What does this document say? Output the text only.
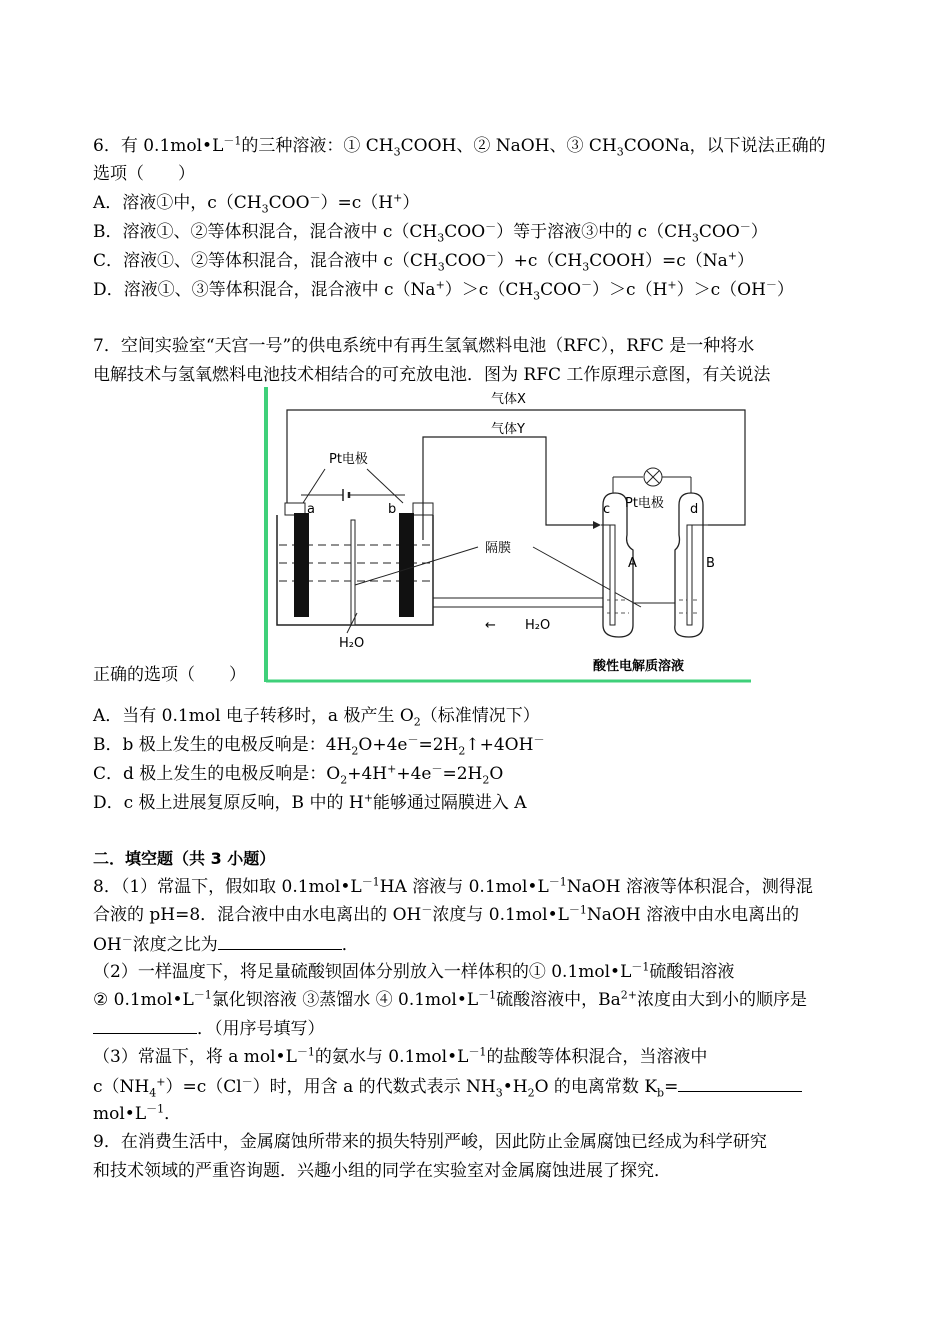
6．有 $0.1mol•L^{-1}$的三种溶液：① $CH_3COOH$、② NaOH、③ $CH_3COONa$，以下说法正确的
选项（　　）
A．溶液①中，$c(CH_3COO^-)=c(H^+)$
B．溶液①、②等体积混合，混合液中 $c(CH_3COO^-)$等于溶液③中的 $c(CH_3COO^-)$
C．溶液①、②等体积混合，混合液中 $c(CH_3COO^-)+c(CH_3COOH)=c(Na^+)$
D．溶液①、③等体积混合，混合液中 $c(Na^+)>c(CH_3COO^-)>c(H^+)>c(OH^-)$
7．空间实验室“天宫一号”的供电系统中有再生氢氧燃料电池（RFC），RFC 是一种将水
电解技术与氢氧燃料电池技术相结合的可充放电池．图为 RFC 工作原理示意图，有关说法
正确的选项（　　）
气体X
气体Y
a	b
Pt电极
H₂O
← H₂O
隔膜
c	d
Pt电极
A	B
酸性电解质溶液
A．当有 0.1mol 电子转移时，a 极产生 $O_2$（标准情况下）
B．b 极上发生的电极反响是：$4H_2O+4e^-=2H_2↑+4OH^-$
C．d 极上发生的电极反响是：$O_2+4H^++4e^-=2H_2O$
D．c 极上进展复原反响，B 中的 H+能够通过隔膜进入 A
二．填空题（共 3 小题）
8．（1）常温下，假如取 $0.1mol•L^{-1}HA$ 溶液与 $0.1mol•L^{-1}NaOH$ 溶液等体积混合，测得混
合液的 pH=8．混合液中由水电离出的 OH－浓度与 $0.1mol•L^{-1}NaOH$ 溶液中由水电离出的
OH－浓度之比为	．
（2）一样温度下，将足量硫酸钡固体分别放入一样体积的① $0.1mol•L^{-1}$硫酸铝溶液
② $0.1mol•L^{-1}$氯化钡溶液 ③蒸馏水 ④ $0.1mol•L^{-1}$硫酸溶液中，$Ba^{2+}$浓度由大到小的顺序是
．（用序号填写）
（3）常温下，将 a $mol•L^{-1}$的氨水与 $0.1mol•L^{-1}$的盐酸等体积混合，当溶液中
$c(NH_4^+)=c(Cl^-)$时，用含 a 的代数式表示 $NH_3•H_2O$ 的电离常数 $K_b=$
$mol•L^{-1}$．
9．在消费生活中，金属腐蚀所带来的损失特别严峻，因此防止金属腐蚀已经成为科学研究
和技术领域的严重咨询题．兴趣小组的同学在实验室对金属腐蚀进展了探究．
